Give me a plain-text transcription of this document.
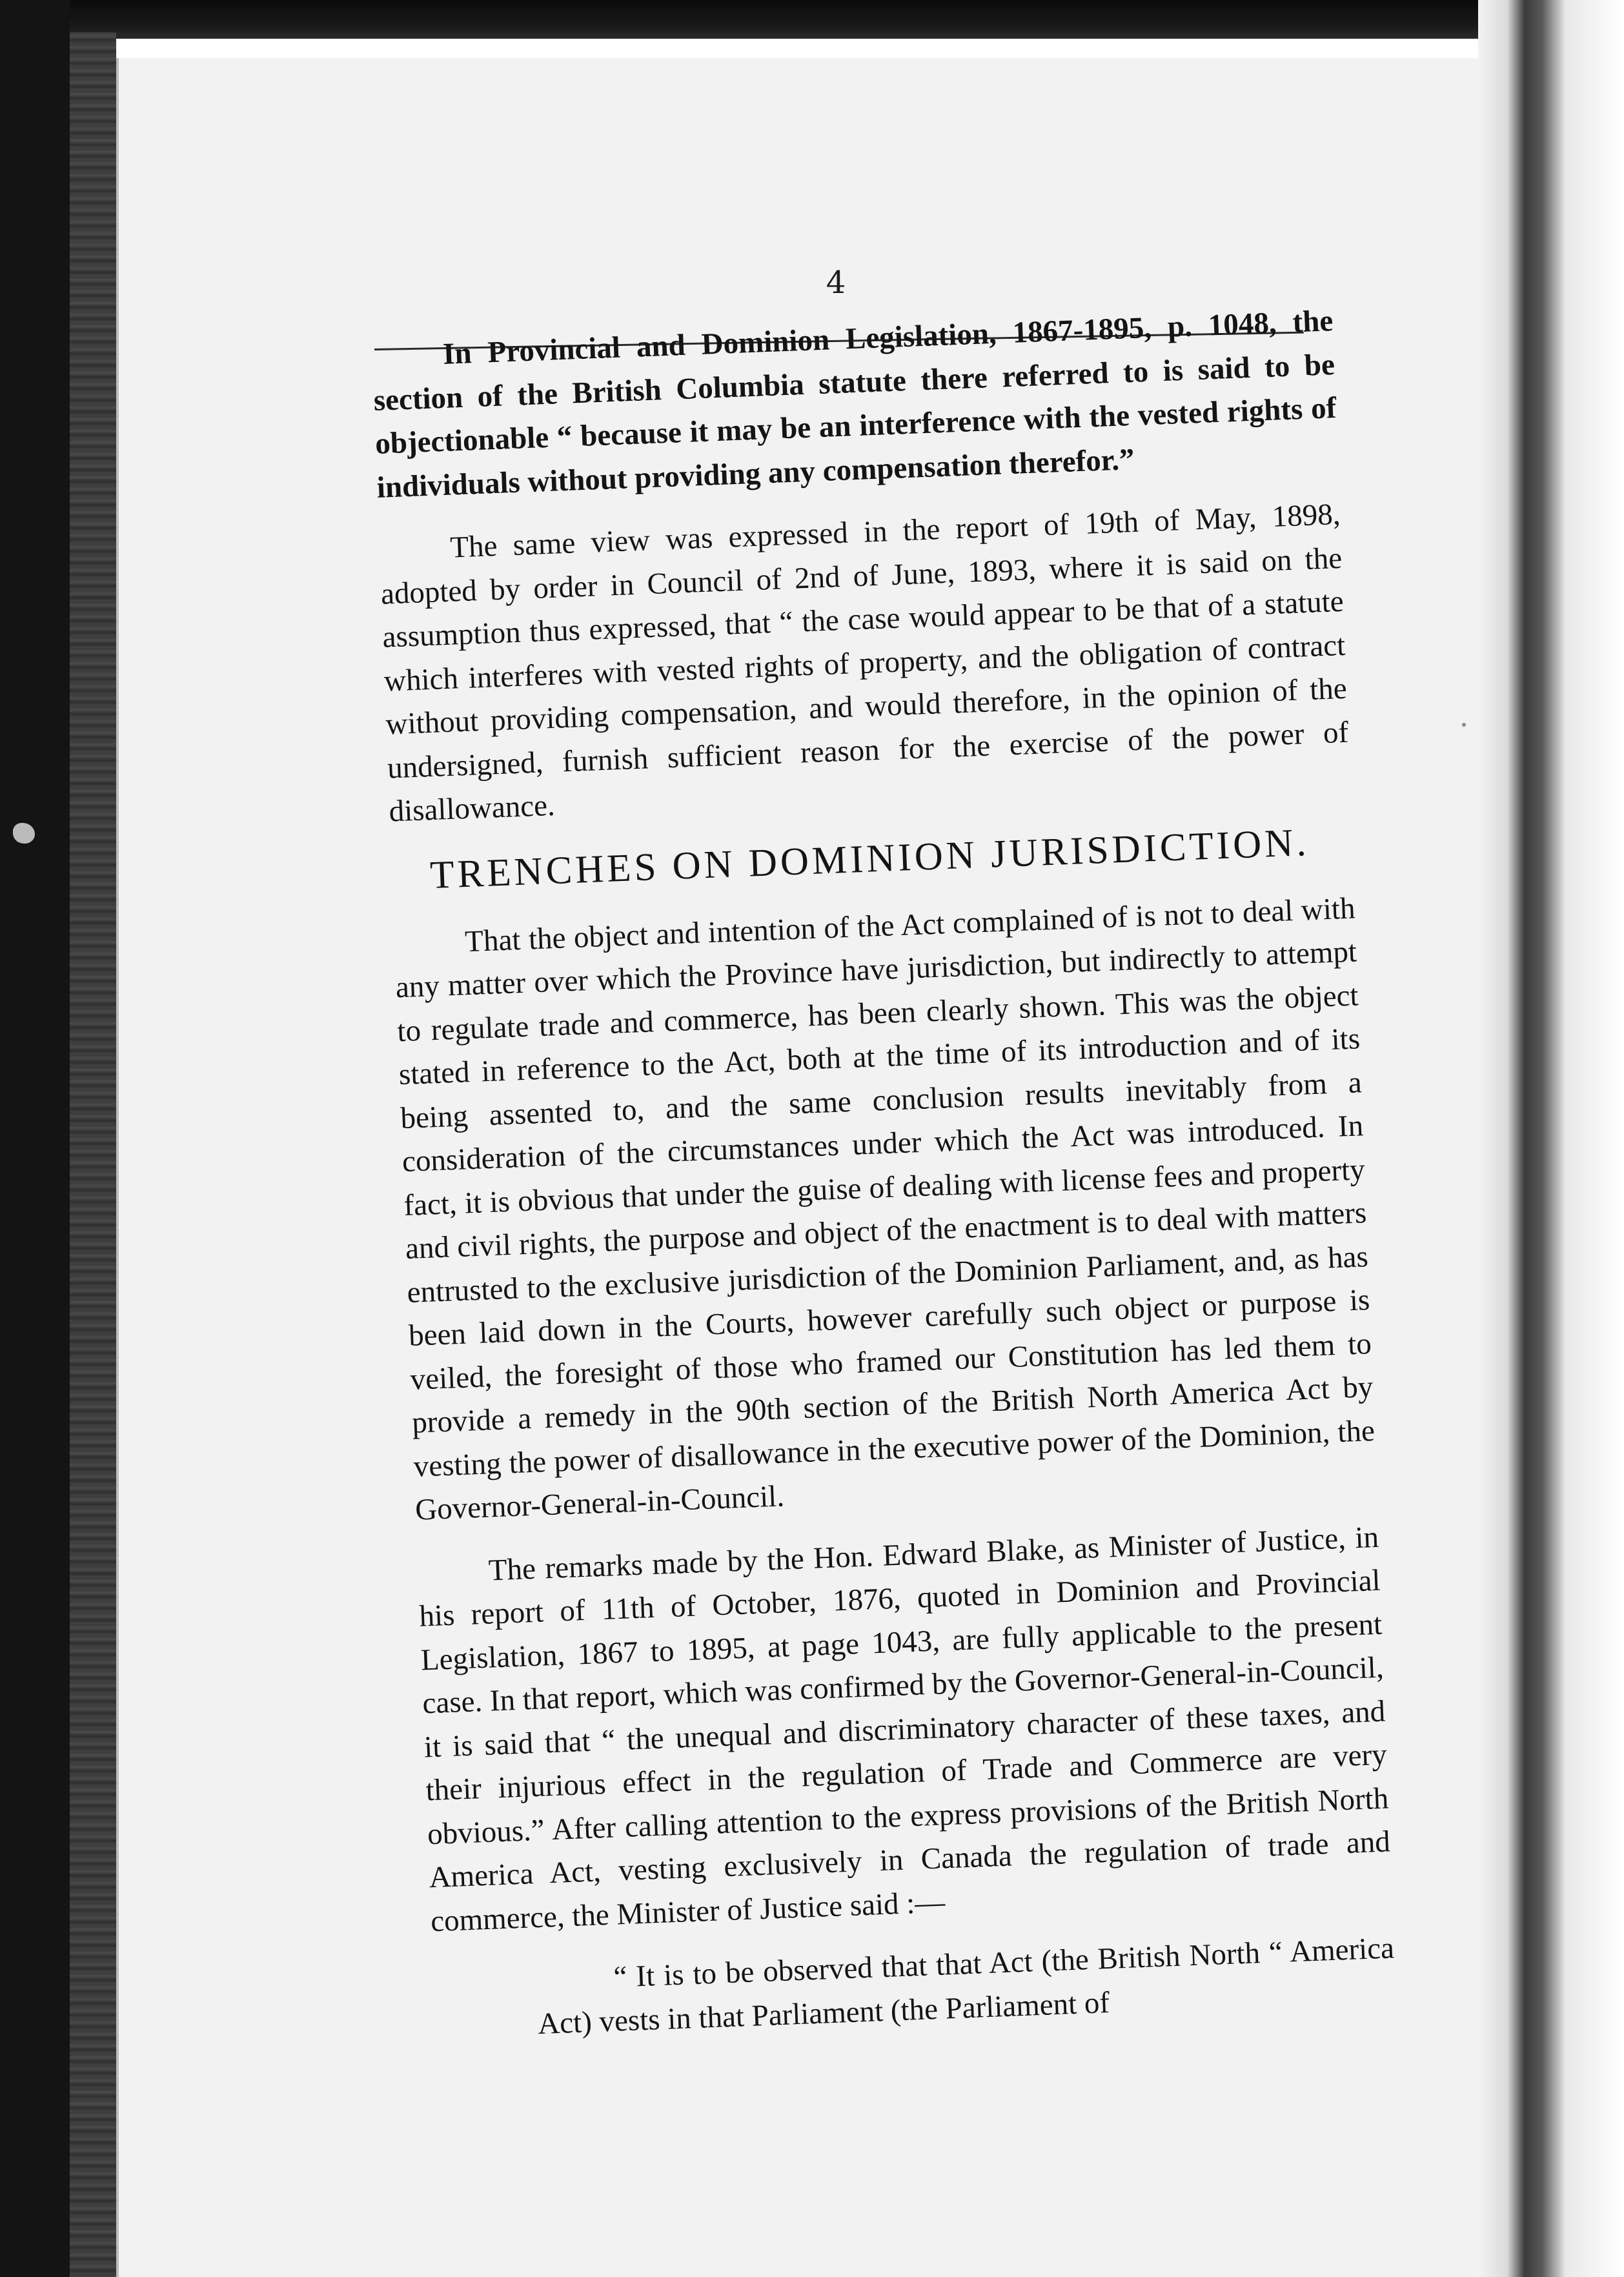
4

In Provincial and Dominion Legislation, 1867-1895, p. 1048, the section of the British Columbia statute there referred to is said to be objectionable “ because it may be an interference with the vested rights of individuals without providing any compensation therefor.”

The same view was expressed in the report of 19th of May, 1898, adopted by order in Council of 2nd of June, 1893, where it is said on the assumption thus expressed, that “ the case would appear to be that of a statute which interferes with vested rights of property, and the obligation of contract without providing compensation, and would therefore, in the opinion of the undersigned, furnish sufficient reason for the exercise of the power of disallowance.

TRENCHES ON DOMINION JURISDICTION.

That the object and intention of the Act complained of is not to deal with any matter over which the Province have jurisdiction, but indirectly to attempt to regulate trade and commerce, has been clearly shown. This was the object stated in reference to the Act, both at the time of its introduction and of its being assented to, and the same conclusion results inevitably from a consideration of the circumstances under which the Act was introduced. In fact, it is obvious that under the guise of dealing with license fees and property and civil rights, the purpose and object of the enactment is to deal with matters entrusted to the exclusive jurisdiction of the Dominion Parliament, and, as has been laid down in the Courts, however carefully such object or purpose is veiled, the foresight of those who framed our Constitution has led them to provide a remedy in the 90th section of the British North America Act by vesting the power of disallowance in the executive power of the Dominion, the Governor-General-in-Council.

The remarks made by the Hon. Edward Blake, as Minister of Justice, in his report of 11th of October, 1876, quoted in Dominion and Provincial Legislation, 1867 to 1895, at page 1043, are fully applicable to the present case. In that report, which was confirmed by the Governor-General-in-Council, it is said that “ the unequal and discriminatory character of these taxes, and their injurious effect in the regulation of Trade and Commerce are very obvious.” After calling attention to the express provisions of the British North America Act, vesting exclusively in Canada the regulation of trade and commerce, the Minister of Justice said :—

“ It is to be observed that that Act (the British North “ America Act) vests in that Parliament (the Parliament of
